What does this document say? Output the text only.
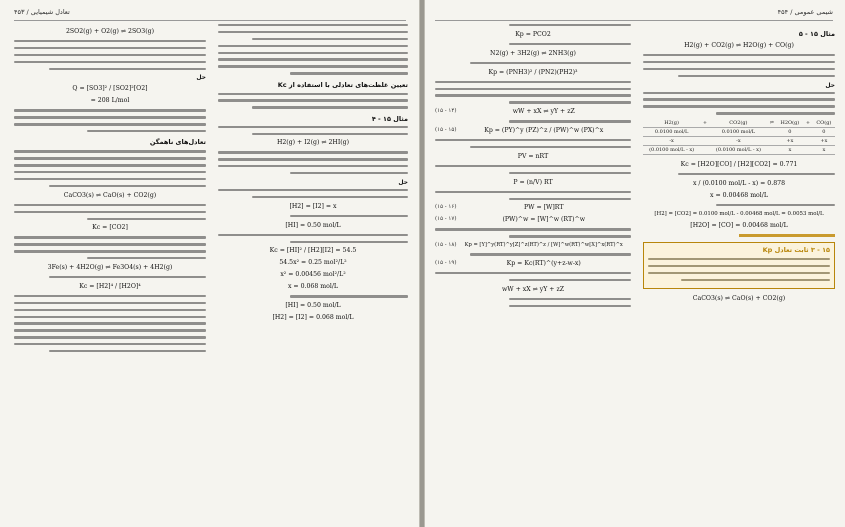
تعادل شیمیایی / ۴۵۳
تعیین غلظت‌های تعادلی با استفاده از Kc
مثال ۱۵ - ۴
H2(g) + I2(g) ⇌ 2HI(g)
حل
[H2] = [I2] = x
[HI] = 0.50 mol/L
Kc = [HI]² / [H2][I2] = 54.5
54.5x² = 0.25 mol²/L²
x² = 0.00456 mol²/L²
x = 0.068 mol/L
[HI] = 0.50 mol/L
[H2] = [I2] = 0.068 mol/L
2SO2(g) + O2(g) ⇌ 2SO3(g)
حل
Q = [SO3]² / [SO2]²[O2]
= 208 L/mol
تعادل‌های ناهمگن
CaCO3(s) ⇌ CaO(s) + CO2(g)
Kc = [CO2]
3Fe(s) + 4H2O(g) ⇌ Fe3O4(s) + 4H2(g)
Kc = [H2]⁴ / [H2O]⁴
۴۵۴ / شیمی عمومی
مثال ۱۵ - ۵
H2(g) + CO2(g) ⇌ H2O(g) + CO(g)
حل
H2(g)	+	CO2(g)	⇌	H2O(g)	+	CO(g)
0.0100 mol/L		0.0100 mol/L		0		0
-x		-x		+x		+x
(0.0100 mol/L - x)		(0.0100 mol/L - x)		x		x
Kc = [H2O][CO] / [H2][CO2] = 0.771
x / (0.0100 mol/L - x) = 0.878
x = 0.00468 mol/L
[H2] = [CO2] = 0.0100 mol/L - 0.00468 mol/L = 0.0053 mol/L
[H2O] = [CO] = 0.00468 mol/L
۱۵ - ۳ ثابت تعادل Kp
CaCO3(s) ⇌ CaO(s) + CO2(g)
Kp = PCO2
N2(g) + 3H2(g) ⇌ 2NH3(g)
Kp = (PNH3)² / (PN2)(PH2)³
(۱۵ - ۱۴)	wW + xX ⇌ yY + zZ
(۱۵ - ۱۵)	Kp = (PY)^y (PZ)^z / (PW)^w (PX)^x
PV = nRT
P = (n/V) RT
(۱۵ - ۱۶)	PW = [W]RT
(۱۵ - ۱۷)	(PW)^w = [W]^w (RT)^w
(۱۵ - ۱۸) Kp = [Y]^y(RT)^y[Z]^z(RT)^z / [W]^w(RT)^w[X]^x(RT)^x
(۱۵ - ۱۹)	Kp = Kc(RT)^(y+z-w-x)
wW + xX ⇌ yY + zZ
